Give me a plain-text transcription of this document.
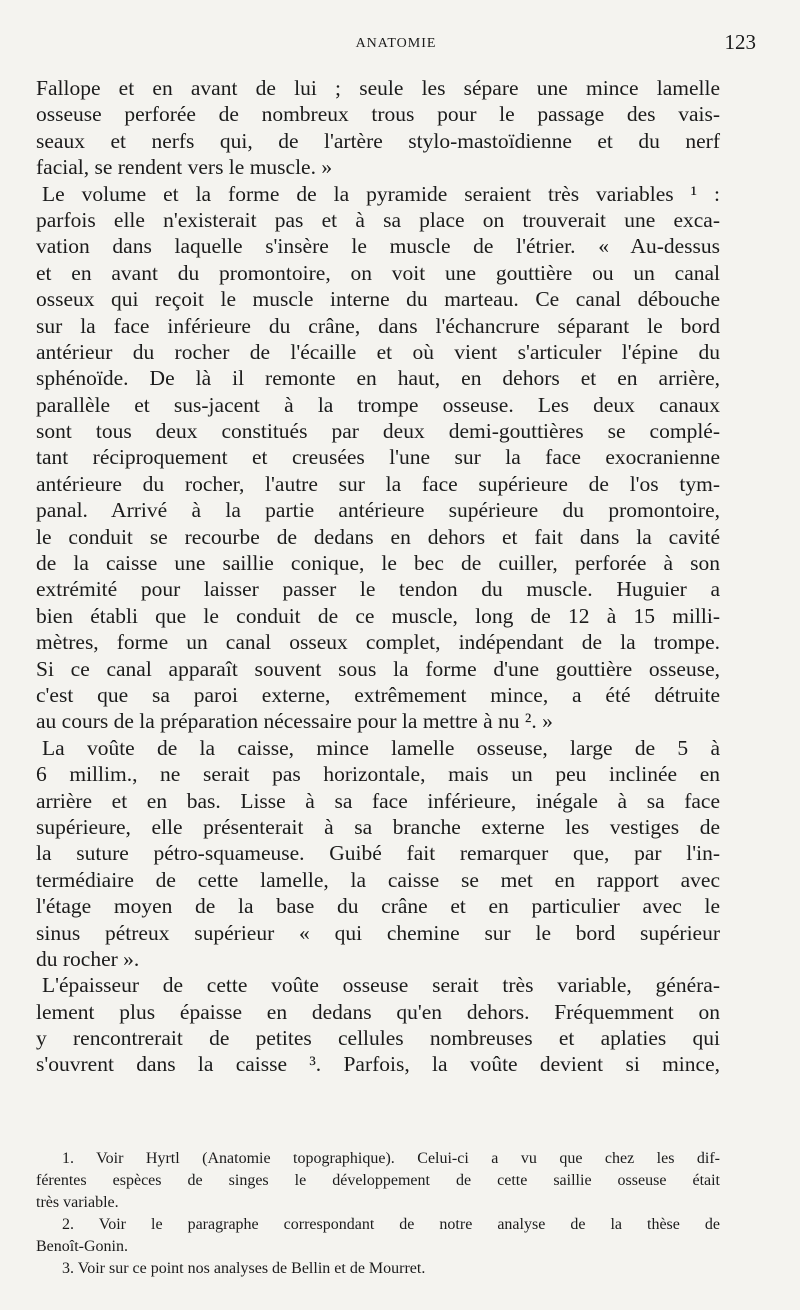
ANATOMIE	123
Fallope et en avant de lui ; seule les sépare une mince lamelle
osseuse perforée de nombreux trous pour le passage des vais-
seaux et nerfs qui, de l'artère stylo-mastoïdienne et du nerf
facial, se rendent vers le muscle. »
Le volume et la forme de la pyramide seraient très variables ¹ :
parfois elle n'existerait pas et à sa place on trouverait une exca-
vation dans laquelle s'insère le muscle de l'étrier. « Au-dessus
et en avant du promontoire, on voit une gouttière ou un canal
osseux qui reçoit le muscle interne du marteau. Ce canal débouche
sur la face inférieure du crâne, dans l'échancrure séparant le bord
antérieur du rocher de l'écaille et où vient s'articuler l'épine du
sphénoïde. De là il remonte en haut, en dehors et en arrière,
parallèle et sus-jacent à la trompe osseuse. Les deux canaux
sont tous deux constitués par deux demi-gouttières se complé-
tant réciproquement et creusées l'une sur la face exocranienne
antérieure du rocher, l'autre sur la face supérieure de l'os tym-
panal. Arrivé à la partie antérieure supérieure du promontoire,
le conduit se recourbe de dedans en dehors et fait dans la cavité
de la caisse une saillie conique, le bec de cuiller, perforée à son
extrémité pour laisser passer le tendon du muscle. Huguier a
bien établi que le conduit de ce muscle, long de 12 à 15 milli-
mètres, forme un canal osseux complet, indépendant de la trompe.
Si ce canal apparaît souvent sous la forme d'une gouttière osseuse,
c'est que sa paroi externe, extrêmement mince, a été détruite
au cours de la préparation nécessaire pour la mettre à nu ². »
La voûte de la caisse, mince lamelle osseuse, large de 5 à
6 millim., ne serait pas horizontale, mais un peu inclinée en
arrière et en bas. Lisse à sa face inférieure, inégale à sa face
supérieure, elle présenterait à sa branche externe les vestiges de
la suture pétro-squameuse. Guibé fait remarquer que, par l'in-
termédiaire de cette lamelle, la caisse se met en rapport avec
l'étage moyen de la base du crâne et en particulier avec le
sinus pétreux supérieur « qui chemine sur le bord supérieur
du rocher ».
L'épaisseur de cette voûte osseuse serait très variable, généra-
lement plus épaisse en dedans qu'en dehors. Fréquemment on
y rencontrerait de petites cellules nombreuses et aplaties qui
s'ouvrent dans la caisse ³. Parfois, la voûte devient si mince,
1. Voir Hyrtl (Anatomie topographique). Celui-ci a vu que chez les dif-
férentes espèces de singes le développement de cette saillie osseuse était
très variable.
2. Voir le paragraphe correspondant de notre analyse de la thèse de
Benoît-Gonin.
3. Voir sur ce point nos analyses de Bellin et de Mourret.
